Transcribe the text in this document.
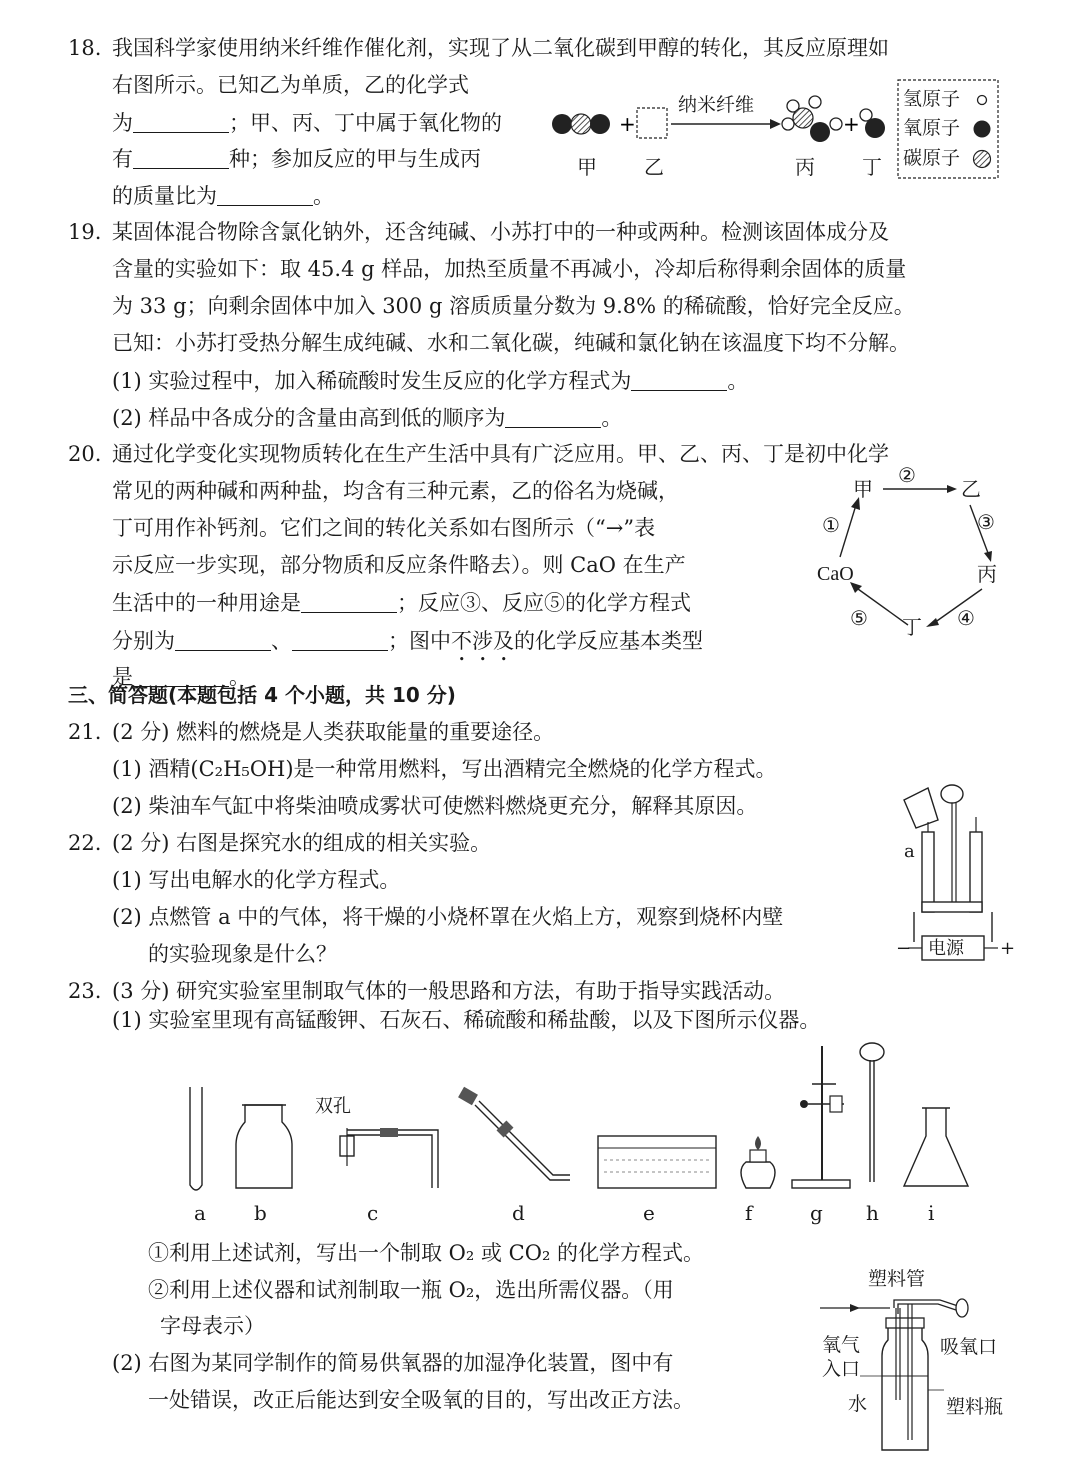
18. 我国科学家使用纳米纤维作催化剂，实现了从二氧化碳到甲醇的转化，其反应原理如
右图所示。已知乙为单质，乙的化学式
为	；甲、丙、丁中属于氧化物的
有	种；参加反应的甲与生成丙
的质量比为	。
+	+
纳米纤维	氢原子
氧原子
碳原子
甲 乙	丙 丁
19. 某固体混合物除含氯化钠外，还含纯碱、小苏打中的一种或两种。检测该固体成分及
含量的实验如下：取 45.4 g 样品，加热至质量不再减小，冷却后称得剩余固体的质量
为 33 g；向剩余固体中加入 300 g 溶质质量分数为 9.8% 的稀硫酸，恰好完全反应。
已知：小苏打受热分解生成纯碱、水和二氧化碳，纯碱和氯化钠在该温度下均不分解。
(1) 实验过程中，加入稀硫酸时发生反应的化学方程式为	。
(2) 样品中各成分的含量由高到低的顺序为	。
20. 通过化学变化实现物质转化在生产生活中具有广泛应用。甲、乙、丙、丁是初中化学
常见的两种碱和两种盐，均含有三种元素，乙的俗名为烧碱，
丁可用作补钙剂。它们之间的转化关系如右图所示（“→”表
示反应一步实现，部分物质和反应条件略去）。则 CaO 在生产
生活中的一种用途是	；反应③、反应⑤的化学方程式
分别为	、	；图中不涉及的化学反应基本类型
是	。
甲	乙
丙
丁
CaO
①
②
③
④
⑤
三、简答题(本题包括 4 个小题，共 10 分)
21. (2 分) 燃料的燃烧是人类获取能量的重要途径。
(1) 酒精(C₂H₅OH)是一种常用燃料，写出酒精完全燃烧的化学方程式。
(2) 柴油车气缸中将柴油喷成雾状可使燃料燃烧更充分，解释其原因。
22. (2 分) 右图是探究水的组成的相关实验。
(1) 写出电解水的化学方程式。
(2) 点燃管 a 中的气体，将干燥的小烧杯罩在火焰上方，观察到烧杯内壁
的实验现象是什么？
a
电源
−	+
23. (3 分) 研究实验室里制取气体的一般思路和方法，有助于指导实践活动。
(1) 实验室里现有高锰酸钾、石灰石、稀硫酸和稀盐酸，以及下图所示仪器。
双孔
a b	c	d	e	f	g h i
①利用上述试剂，写出一个制取 O₂ 或 CO₂ 的化学方程式。
②利用上述仪器和试剂制取一瓶 O₂，选出所需仪器。（用
字母表示）
(2) 右图为某同学制作的简易供氧器的加湿净化装置，图中有
一处错误，改正后能达到安全吸氧的目的，写出改正方法。
塑料管
氧气
入口
吸氧口
水	塑料瓶
